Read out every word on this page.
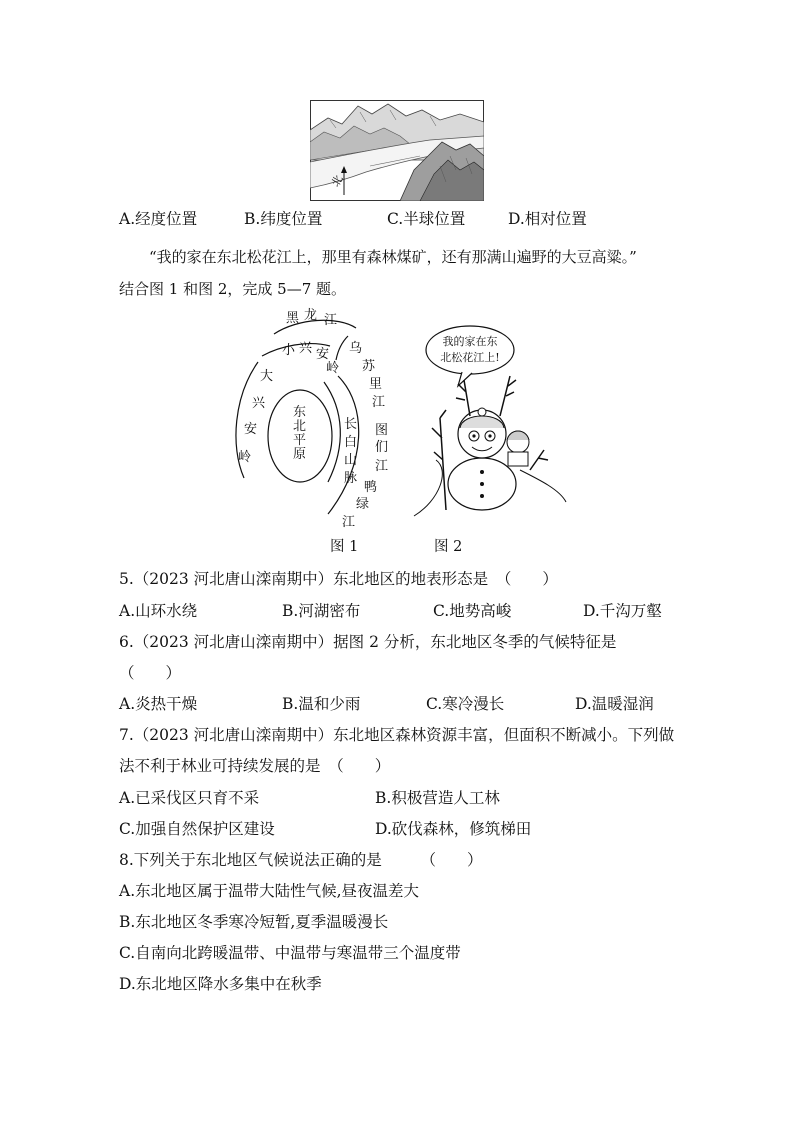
北
A.经度位置	B.纬度位置	C.半球位置	D.相对位置
“我的家在东北松花江上，那里有森林煤矿，还有那满山遍野的大豆高粱。”
结合图 1 和图 2，完成 5—7 题。
黑 龙 江
小 兴 安
岭
乌
苏
里
江
大
兴
安
岭
东
北
平
原
长
白
山
脉
图
们
江
鸭
绿
江
我的家在东
北松花江上!
图 1	图 2
5.（2023 河北唐山滦南期中）东北地区的地表形态是　（　　）
A.山环水绕	B.河湖密布	C.地势高峻	D.千沟万壑
6.（2023 河北唐山滦南期中）据图 2 分析，东北地区冬季的气候特征是
（　　）
A.炎热干燥	B.温和少雨	C.寒冷漫长	D.温暖湿润
7.（2023 河北唐山滦南期中）东北地区森林资源丰富，但面积不断减小。下列做
法不利于林业可持续发展的是　（　　）
A.已采伐区只育不采	B.积极营造人工林
C.加强自然保护区建设	D.砍伐森林，修筑梯田
8.下列关于东北地区气候说法正确的是　　　（　　）
A.东北地区属于温带大陆性气候,昼夜温差大
B.东北地区冬季寒冷短暂,夏季温暖漫长
C.自南向北跨暖温带、中温带与寒温带三个温度带
D.东北地区降水多集中在秋季
